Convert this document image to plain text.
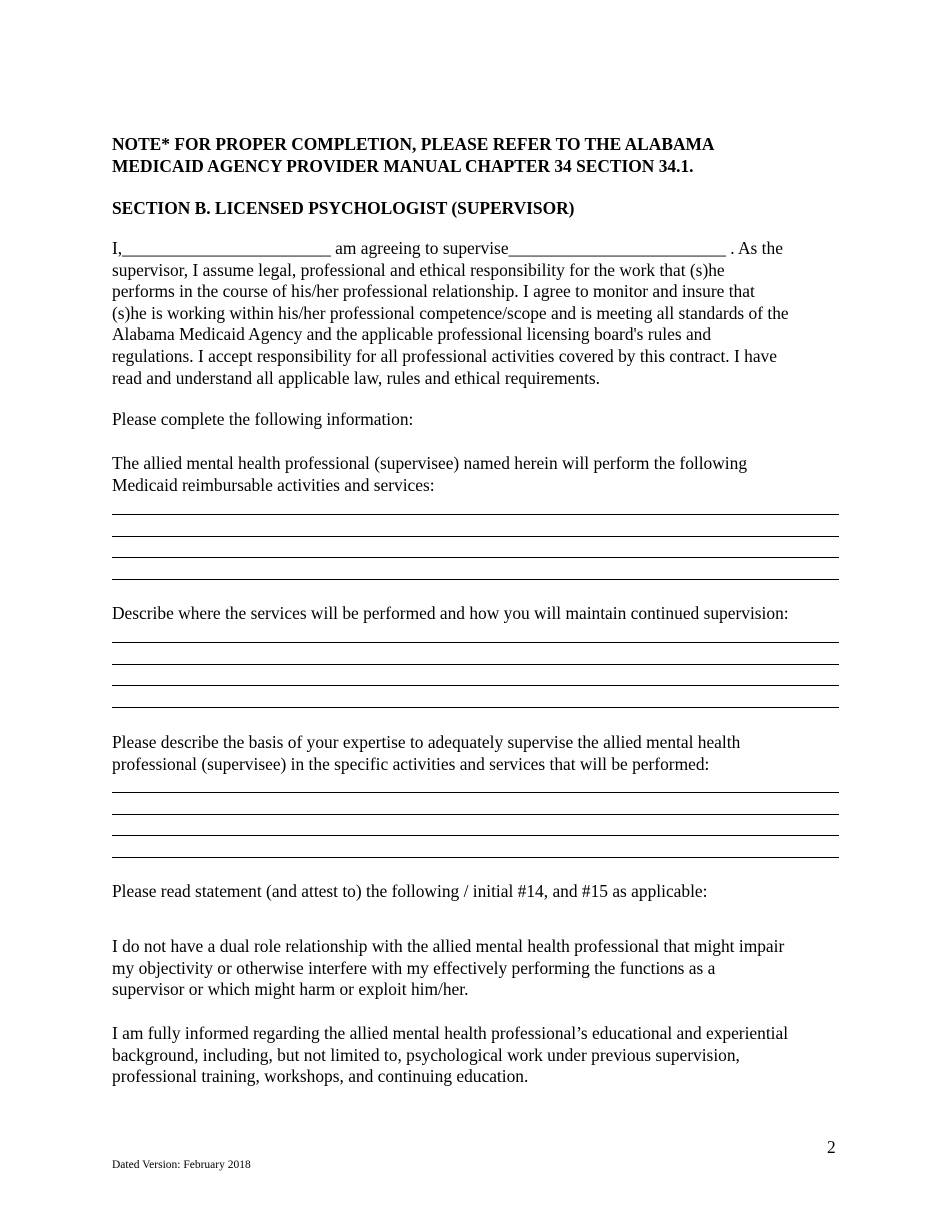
NOTE* FOR PROPER COMPLETION, PLEASE REFER TO THE ALABAMA
MEDICAID AGENCY PROVIDER MANUAL CHAPTER 34 SECTION 34.1.
SECTION B. LICENSED PSYCHOLOGIST (SUPERVISOR)
I,________________________ am agreeing to supervise_________________________ . As the
supervisor, I assume legal, professional and ethical responsibility for the work that (s)he
performs in the course of his/her professional relationship. I agree to monitor and insure that
(s)he is working within his/her professional competence/scope and is meeting all standards of the
Alabama Medicaid Agency and the applicable professional licensing board's rules and
regulations. I accept responsibility for all professional activities covered by this contract. I have
read and understand all applicable law, rules and ethical requirements.
Please complete the following information:
The allied mental health professional (supervisee) named herein will perform the following
Medicaid reimbursable activities and services:
Describe where the services will be performed and how you will maintain continued supervision:
Please describe the basis of your expertise to adequately supervise the allied mental health
professional (supervisee) in the specific activities and services that will be performed:
Please read statement (and attest to) the following / initial #14, and #15 as applicable:
I do not have a dual role relationship with the allied mental health professional that might impair
my objectivity or otherwise interfere with my effectively performing the functions as a
supervisor or which might harm or exploit him/her.
I am fully informed regarding the allied mental health professional’s educational and experiential
background, including, but not limited to, psychological work under previous supervision,
professional training, workshops, and continuing education.
2
Dated Version: February 2018
